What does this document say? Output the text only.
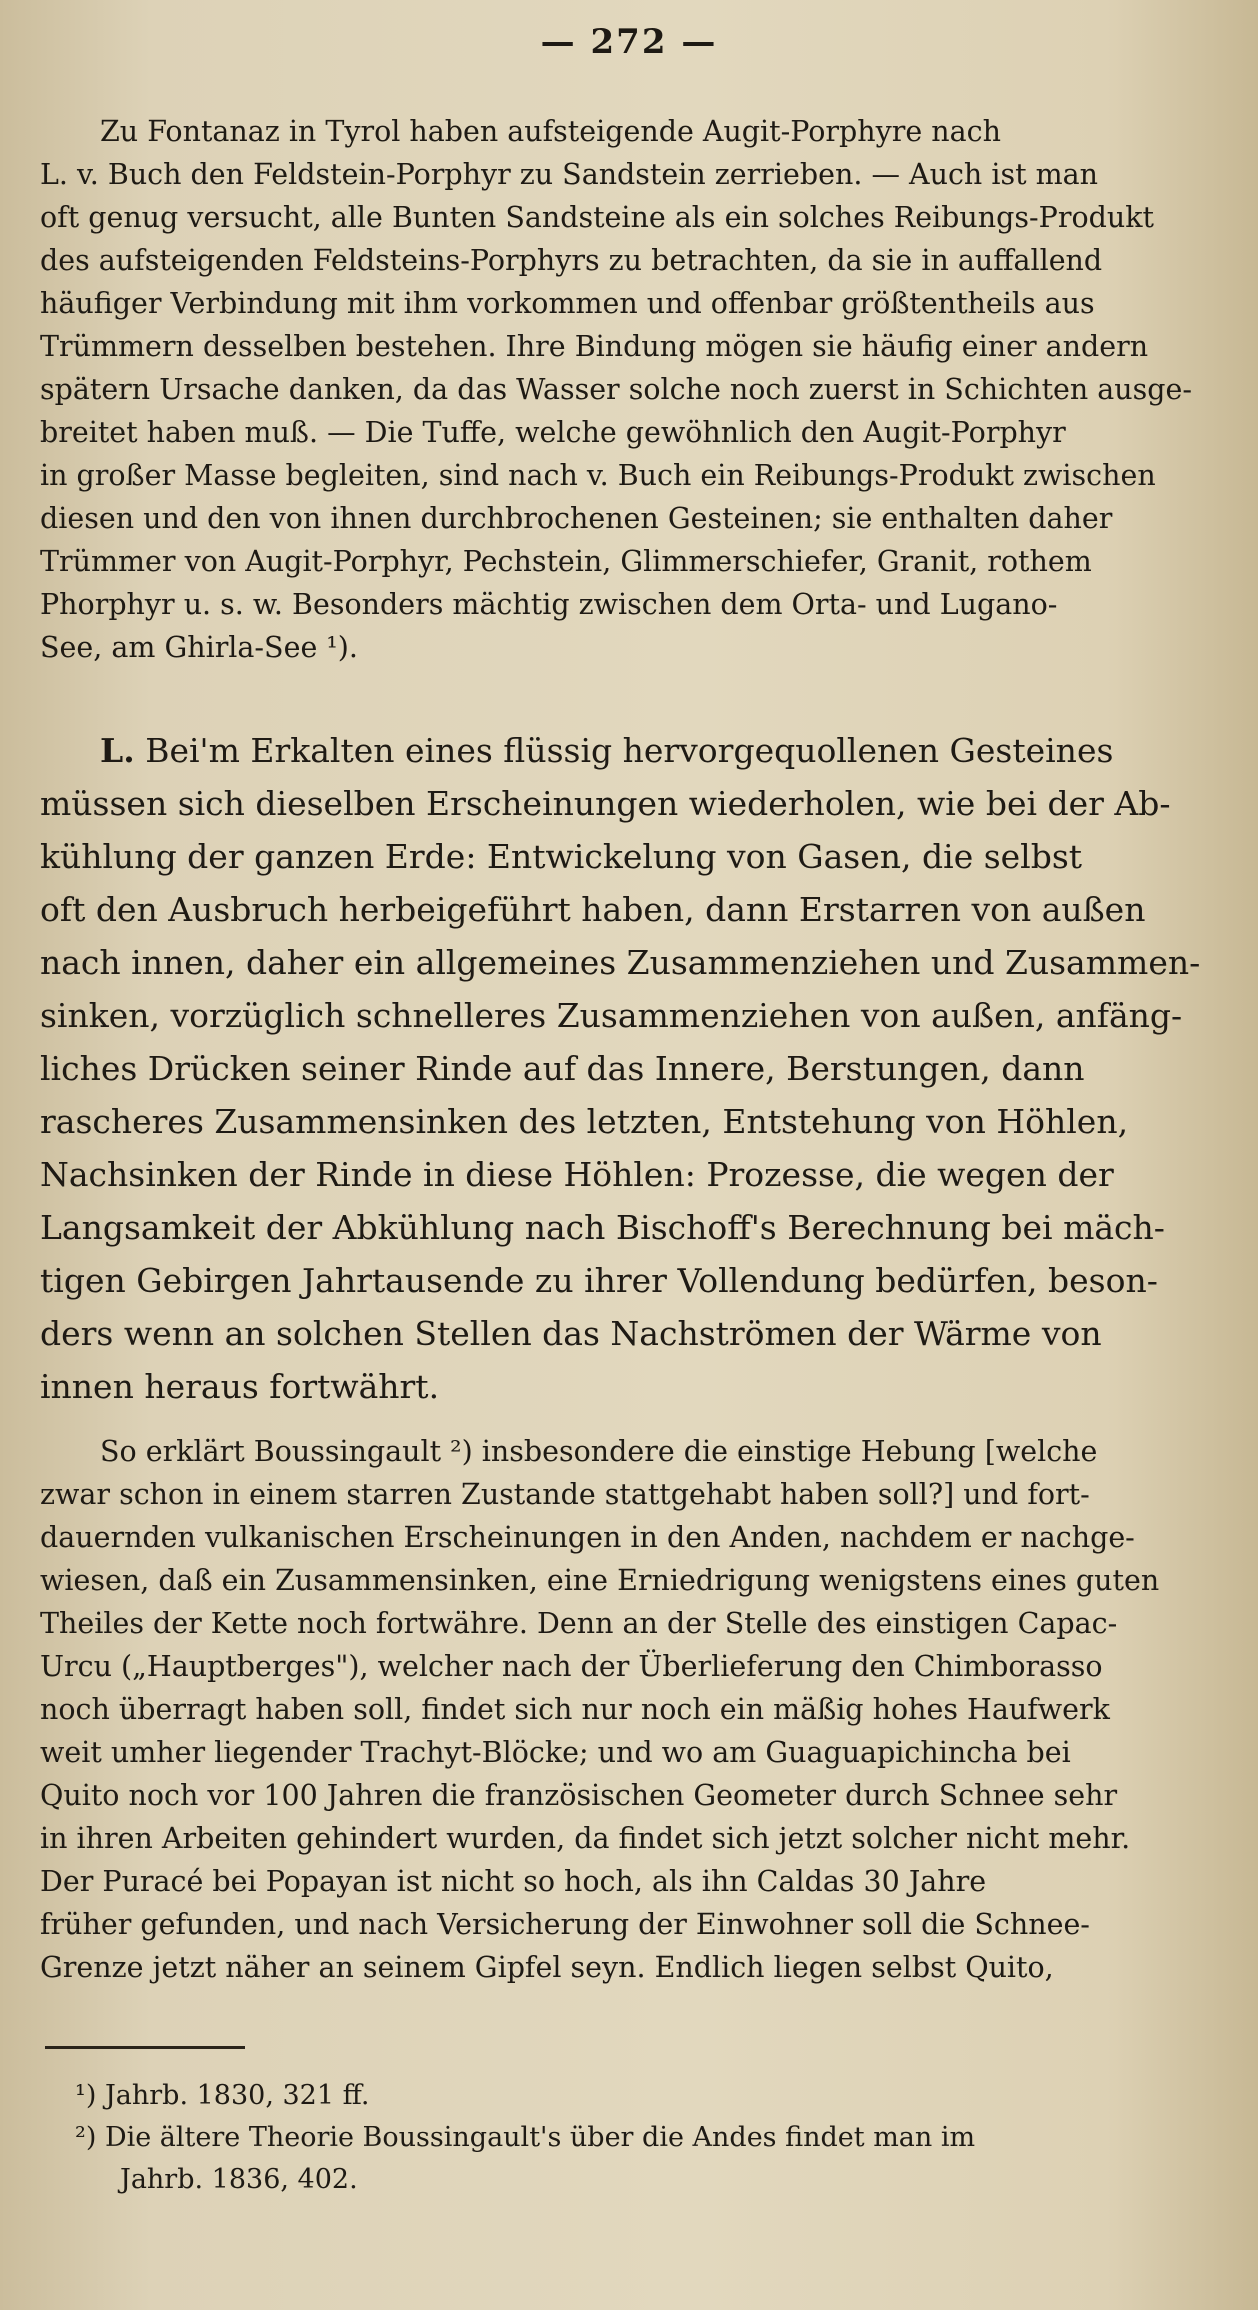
— 272 —
Zu Fontanaz in Tyrol haben aufsteigende Augit-Porphyre nach
L. v. Buch den Feldstein-Porphyr zu Sandstein zerrieben. — Auch ist man
oft genug versucht, alle Bunten Sandsteine als ein solches Reibungs-Produkt
des aufsteigenden Feldsteins-Porphyrs zu betrachten, da sie in auffallend
häufiger Verbindung mit ihm vorkommen und offenbar größtentheils aus
Trümmern desselben bestehen. Ihre Bindung mögen sie häufig einer andern
spätern Ursache danken, da das Wasser solche noch zuerst in Schichten ausge-
breitet haben muß. — Die Tuffe, welche gewöhnlich den Augit-Porphyr
in großer Masse begleiten, sind nach v. Buch ein Reibungs-Produkt zwischen
diesen und den von ihnen durchbrochenen Gesteinen; sie enthalten daher
Trümmer von Augit-Porphyr, Pechstein, Glimmerschiefer, Granit, rothem
Phorphyr u. s. w. Besonders mächtig zwischen dem Orta- und Lugano-
See, am Ghirla-See ¹).
L. Bei'm Erkalten eines flüssig hervorgequollenen Gesteines
müssen sich dieselben Erscheinungen wiederholen, wie bei der Ab-
kühlung der ganzen Erde: Entwickelung von Gasen, die selbst
oft den Ausbruch herbeigeführt haben, dann Erstarren von außen
nach innen, daher ein allgemeines Zusammenziehen und Zusammen-
sinken, vorzüglich schnelleres Zusammenziehen von außen, anfäng-
liches Drücken seiner Rinde auf das Innere, Berstungen, dann
rascheres Zusammensinken des letzten, Entstehung von Höhlen,
Nachsinken der Rinde in diese Höhlen: Prozesse, die wegen der
Langsamkeit der Abkühlung nach Bischoff's Berechnung bei mäch-
tigen Gebirgen Jahrtausende zu ihrer Vollendung bedürfen, beson-
ders wenn an solchen Stellen das Nachströmen der Wärme von
innen heraus fortwährt.
So erklärt Boussingault ²) insbesondere die einstige Hebung [welche
zwar schon in einem starren Zustande stattgehabt haben soll?] und fort-
dauernden vulkanischen Erscheinungen in den Anden, nachdem er nachge-
wiesen, daß ein Zusammensinken, eine Erniedrigung wenigstens eines guten
Theiles der Kette noch fortwähre. Denn an der Stelle des einstigen Capac-
Urcu („Hauptberges"), welcher nach der Überlieferung den Chimborasso
noch überragt haben soll, findet sich nur noch ein mäßig hohes Haufwerk
weit umher liegender Trachyt-Blöcke; und wo am Guaguapichincha bei
Quito noch vor 100 Jahren die französischen Geometer durch Schnee sehr
in ihren Arbeiten gehindert wurden, da findet sich jetzt solcher nicht mehr.
Der Puracé bei Popayan ist nicht so hoch, als ihn Caldas 30 Jahre
früher gefunden, und nach Versicherung der Einwohner soll die Schnee-
Grenze jetzt näher an seinem Gipfel seyn. Endlich liegen selbst Quito,
¹) Jahrb. 1830, 321 ff.
²) Die ältere Theorie Boussingault's über die Andes findet man im
Jahrb. 1836, 402.
